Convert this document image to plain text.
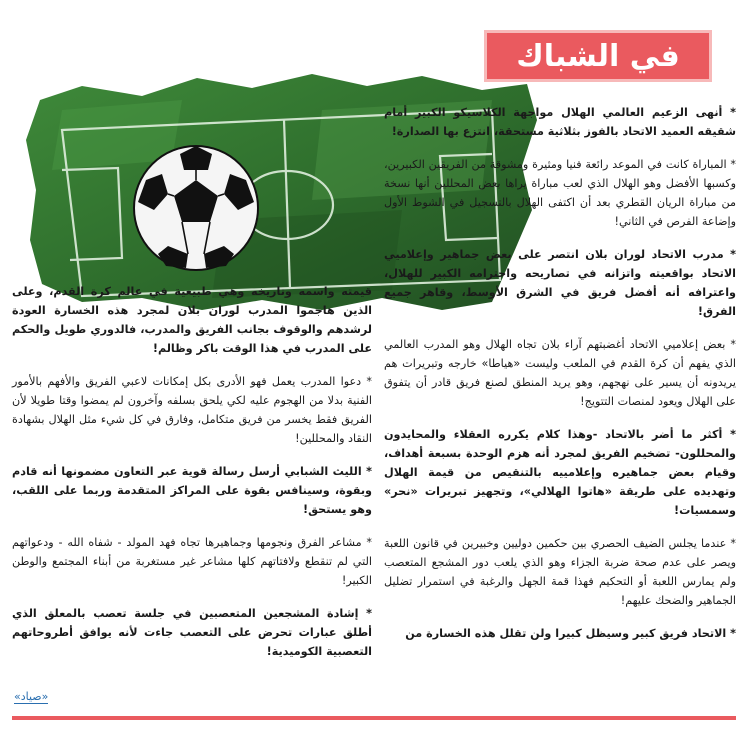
في الشباك

* أنهى الزعيم العالمي الهلال مواجهة الكلاسيكو الكبير أمام شقيقه العميد الاتحاد بالفوز بثلاثية مستحقة، انتزع بها الصدارة!

* المباراة كانت في الموعد رائعة فنيا ومثيرة ومشوقة من الفريقين الكبيرين، وكسبها الأفضل وهو الهلال الذي لعب مباراة يراها بعض المحللين أنها نسخة من مباراة الريان القطري بعد أن اكتفى الهلال بالتسجيل في الشوط الأول وإضاعة الفرص في الثاني!

* مدرب الاتحاد لوران بلان انتصر على بعض جماهير وإعلاميي الاتحاد بواقعيته واتزانه في تصاريحه واحترامه الكبير للهلال، واعترافه أنه أفضل فريق في الشرق الأوسط، وقاهر جميع الفرق!

* بعض إعلاميي الاتحاد أغضبتهم آراء بلان تجاه الهلال وهو المدرب العالمي الذي يفهم أن كرة القدم في الملعب وليست «هياطا» خارجه وتبريرات هم يريدونه أن يسير على نهجهم، وهو يريد المنطق لصنع فريق قادر أن يتفوق على الهلال ويعود لمنصات التتويج!

* أكثر ما أضر بالاتحاد -وهذا كلام يكرره العقلاء والمحايدون والمحللون- تضخيم الفريق لمجرد أنه هزم الوحدة بسبعة أهداف، وقيام بعض جماهيره وإعلامييه بالتنقيص من قيمة الهلال وتهديده على طريقة «هاتوا الهلالي»، وتجهيز تبريرات «نحر» وسمسيات!

* عندما يجلس الضيف الحصري بين حكمين دوليين وخبيرين في قانون اللعبة ويصر على عدم صحة ضربة الجزاء وهو الذي يلعب دور المشجع المتعصب ولم يمارس اللعبة أو التحكيم فهذا قمة الجهل والرغبة في استمرار تضليل الجماهير والضحك عليهم!

* الاتحاد فريق كبير وسيظل كبيرا ولن تقلل هذه الخسارة من

قيمته واسمه وتاريخه وهي طبيعية في عالم كرة القدم، وعلى الذين هاجموا المدرب لوران بلان لمجرد هذه الخسارة العودة لرشدهم والوقوف بجانب الفريق والمدرب، فالدوري طويل والحكم على المدرب في هذا الوقت باكر وظالم!

* دعوا المدرب يعمل فهو الأدرى بكل إمكانات لاعبي الفريق والأفهم بالأمور الفنية بدلا من الهجوم عليه لكي يلحق بسلفه وآخرون لم يمضوا وقتا طويلا لأن الفريق فقط يخسر من فريق متكامل، وفارق في كل شيء مثل الهلال بشهادة النقاد والمحللين!

* الليث الشبابي أرسل رسالة قوية عبر التعاون مضمونها أنه قادم وبقوة، وسينافس بقوة على المراكز المتقدمة وربما على اللقب، وهو يستحق!

* مشاعر الفرق ونجومها وجماهيرها تجاه فهد المولد - شفاه الله - ودعواتهم التي لم تنقطع ولافتاتهم كلها مشاعر غير مستغربة من أبناء المجتمع والوطن الكبير!

* إشادة المشجعين المتعصبين في جلسة تعصب بالمعلق الذي أطلق عبارات تحرض على التعصب جاءت لأنه يوافق أطروحاتهم التعصبية الكوميدية!

«صياد»
